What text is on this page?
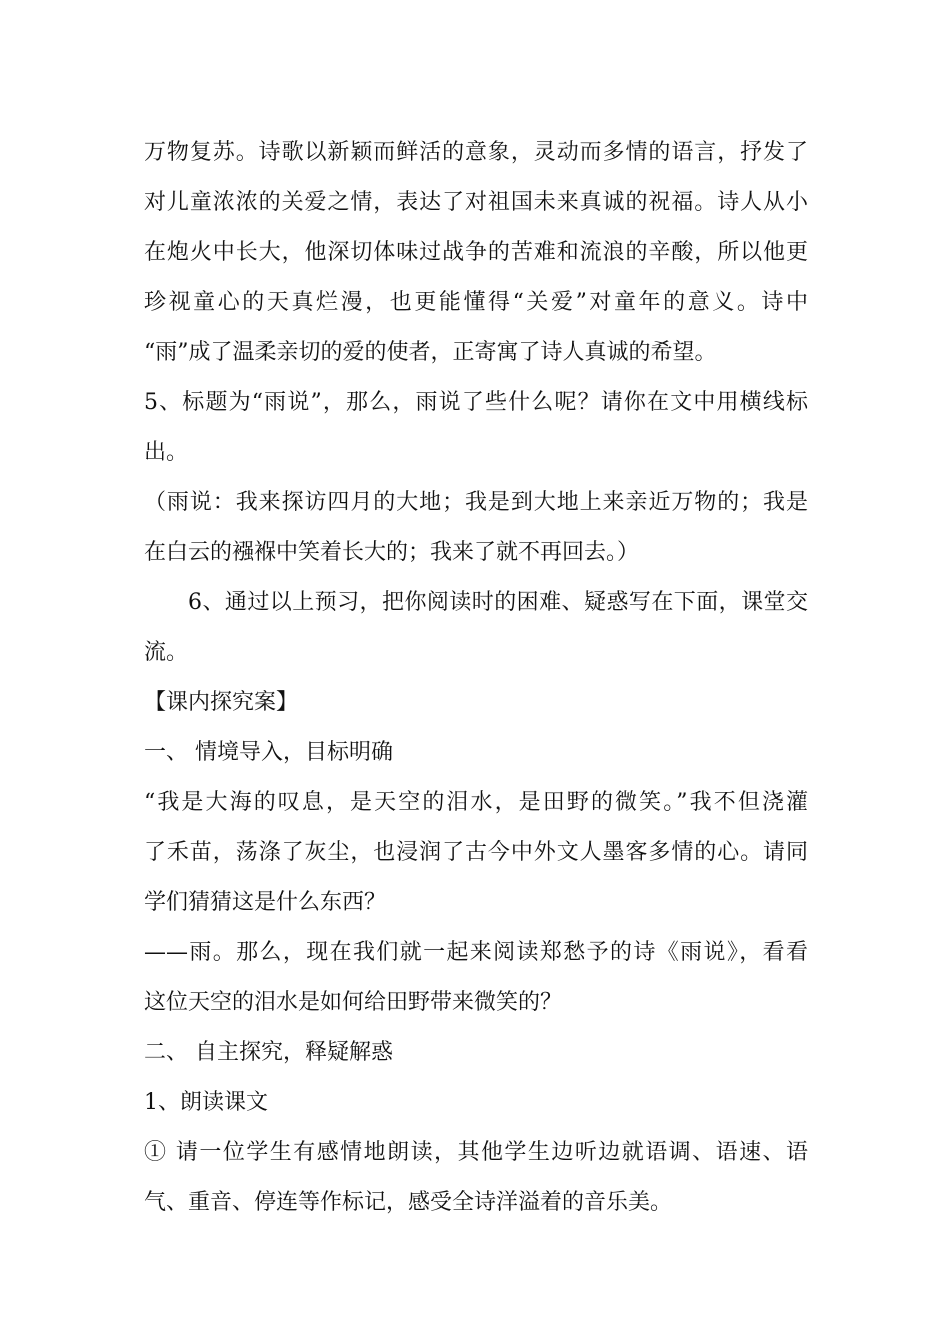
万物复苏。诗歌以新颖而鲜活的意象，灵动而多情的语言，抒发了
对儿童浓浓的关爱之情，表达了对祖国未来真诚的祝福。诗人从小
在炮火中长大，他深切体味过战争的苦难和流浪的辛酸，所以他更
珍视童心的天真烂漫，也更能懂得“关爱”对童年的意义。诗中
“雨”成了温柔亲切的爱的使者，正寄寓了诗人真诚的希望。
5、标题为“雨说”，那么，雨说了些什么呢？请你在文中用横线标
出。
（雨说：我来探访四月的大地；我是到大地上来亲近万物的；我是
在白云的襁褓中笑着长大的；我来了就不再回去。）
6、通过以上预习，把你阅读时的困难、疑惑写在下面，课堂交
流。
【课内探究案】
一、 情境导入，目标明确
“我是大海的叹息，是天空的泪水，是田野的微笑。”我不但浇灌
了禾苗，荡涤了灰尘，也浸润了古今中外文人墨客多情的心。请同
学们猜猜这是什么东西？
——雨。那么，现在我们就一起来阅读郑愁予的诗《雨说》，看看
这位天空的泪水是如何给田野带来微笑的？
二、 自主探究，释疑解惑
1、朗读课文
① 请一位学生有感情地朗读，其他学生边听边就语调、语速、语
气、重音、停连等作标记，感受全诗洋溢着的音乐美。
